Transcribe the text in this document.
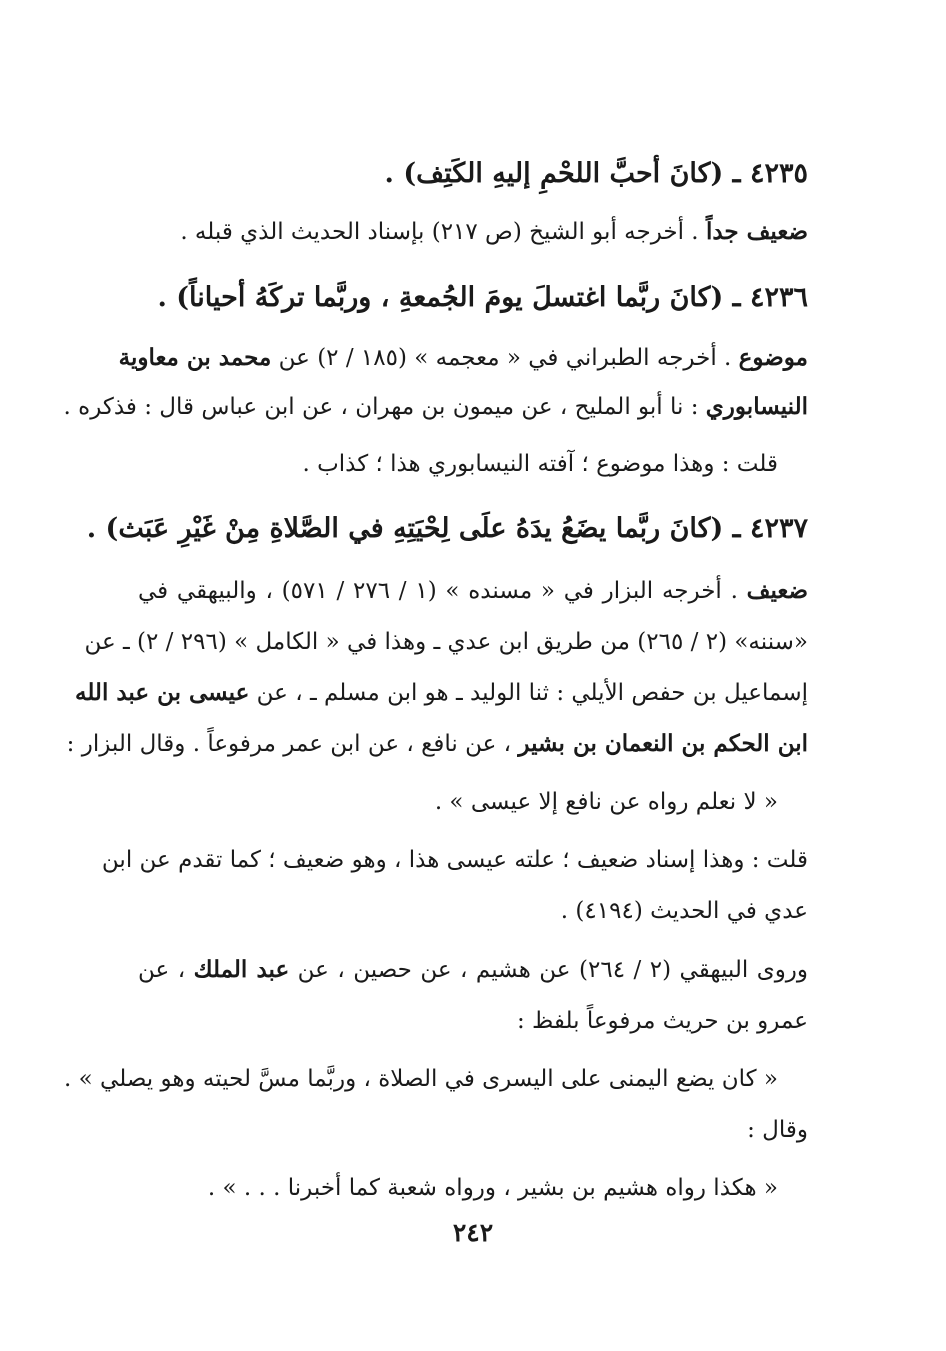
٤٢٣٥ ـ (كانَ أحبَّ اللحْمِ إليهِ الكَتِف) .
ضعيف جداً . أخرجه أبو الشيخ (ص ٢١٧) بإسناد الحديث الذي قبله .
٤٢٣٦ ـ (كانَ ربَّما اغتسلَ يومَ الجُمعةِ ، وربَّما تركَهُ أحياناً) .
موضوع . أخرجه الطبراني في « معجمه » (١٨٥ / ٢) عن محمد بن معاوية
النيسابوري : نا أبو المليح ، عن ميمون بن مهران ، عن ابن عباس قال : فذكره .
قلت : وهذا موضوع ؛ آفته النيسابوري هذا ؛ كذاب .
٤٢٣٧ ـ (كانَ ربَّما يضَعُ يدَهُ علَى لِحْيَتِهِ في الصَّلاةِ مِنْ غَيْرِ عَبَث) .
ضعيف . أخرجه البزار في « مسنده » (١ / ٢٧٦ / ٥٧١) ، والبيهقي في
«سننه» (٢ / ٢٦٥) من طريق ابن عدي ـ وهذا في « الكامل » (٢٩٦ / ٢) ـ عن
إسماعيل بن حفص الأيلي : ثنا الوليد ـ هو ابن مسلم ـ ، عن عيسى بن عبد الله
ابن الحكم بن النعمان بن بشير ، عن نافع ، عن ابن عمر مرفوعاً . وقال البزار :
« لا نعلم رواه عن نافع إلا عيسى » .
قلت : وهذا إسناد ضعيف ؛ علته عيسى هذا ، وهو ضعيف ؛ كما تقدم عن ابن
عدي في الحديث (٤١٩٤) .
وروى البيهقي (٢ / ٢٦٤) عن هشيم ، عن حصين ، عن عبد الملك ، عن
عمرو بن حريث مرفوعاً بلفظ :
« كان يضع اليمنى على اليسرى في الصلاة ، وربَّما مسَّ لحيته وهو يصلي » .
وقال :
« هكذا رواه هشيم بن بشير ، ورواه شعبة كما أخبرنا . . . » .
٢٤٢
